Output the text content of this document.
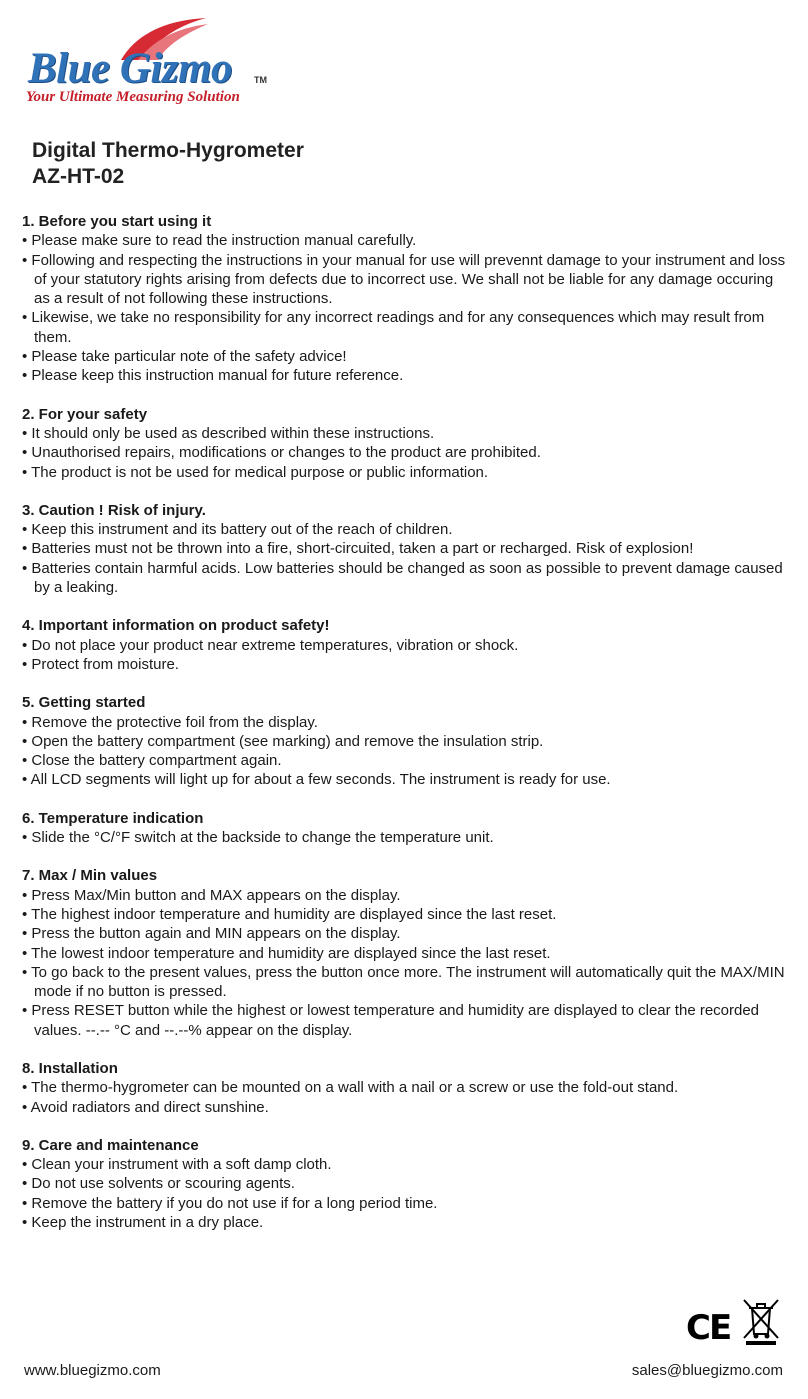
Blue Gizmo TM
Your Ultimate Measuring Solution
Digital Thermo-Hygrometer
AZ-HT-02
1. Before you start using it
• Please make sure to read the instruction manual carefully.
• Following and respecting the instructions in your manual for use will prevennt damage to your instrument and loss of your statutory rights arising from defects due to incorrect use. We shall not be liable for any damage occuring as a result of not following these instructions.
• Likewise, we take no responsibility for any incorrect readings and for any consequences which may result from them.
• Please take particular note of the safety advice!
• Please keep this instruction manual for future reference.
2. For your safety
• It should only be used as described within these instructions.
• Unauthorised repairs, modifications or changes to the product are prohibited.
• The product is not be used for medical purpose or public information.
3. Caution ! Risk of injury.
• Keep this instrument and its battery out of the reach of children.
• Batteries must not be thrown into a fire, short-circuited, taken a part or recharged. Risk of explosion!
• Batteries contain harmful acids. Low batteries should be changed as soon as possible to prevent damage caused by a leaking.
4. Important information on product safety!
• Do not place your product near extreme temperatures, vibration or shock.
• Protect from moisture.
5. Getting started
• Remove the protective foil from the display.
• Open the battery compartment (see marking) and remove the insulation strip.
• Close the battery compartment again.
• All LCD segments will light up for about a few seconds. The instrument is ready for use.
6. Temperature indication
• Slide the °C/°F switch at the backside to change the temperature unit.
7. Max / Min values
• Press Max/Min button and MAX appears on the display.
• The highest indoor temperature and humidity are displayed since the last reset.
• Press the button again and MIN appears on the display.
• The lowest indoor temperature and humidity are displayed since the last reset.
• To go back to the present values, press the button once more. The instrument will automatically quit the MAX/MIN mode if no button is pressed.
• Press RESET button while the highest or lowest temperature and humidity are displayed to clear the recorded values. --.-- °C and --.--% appear on the display.
8. Installation
• The thermo-hygrometer can be mounted on a wall with a nail or a screw or use the fold-out stand.
• Avoid radiators and direct sunshine.
9. Care and maintenance
• Clean your instrument with a soft damp cloth.
• Do not use solvents or scouring agents.
• Remove the battery if you do not use if for a long period time.
• Keep the instrument in a dry place.
CE
www.bluegizmo.com	sales@bluegizmo.com
